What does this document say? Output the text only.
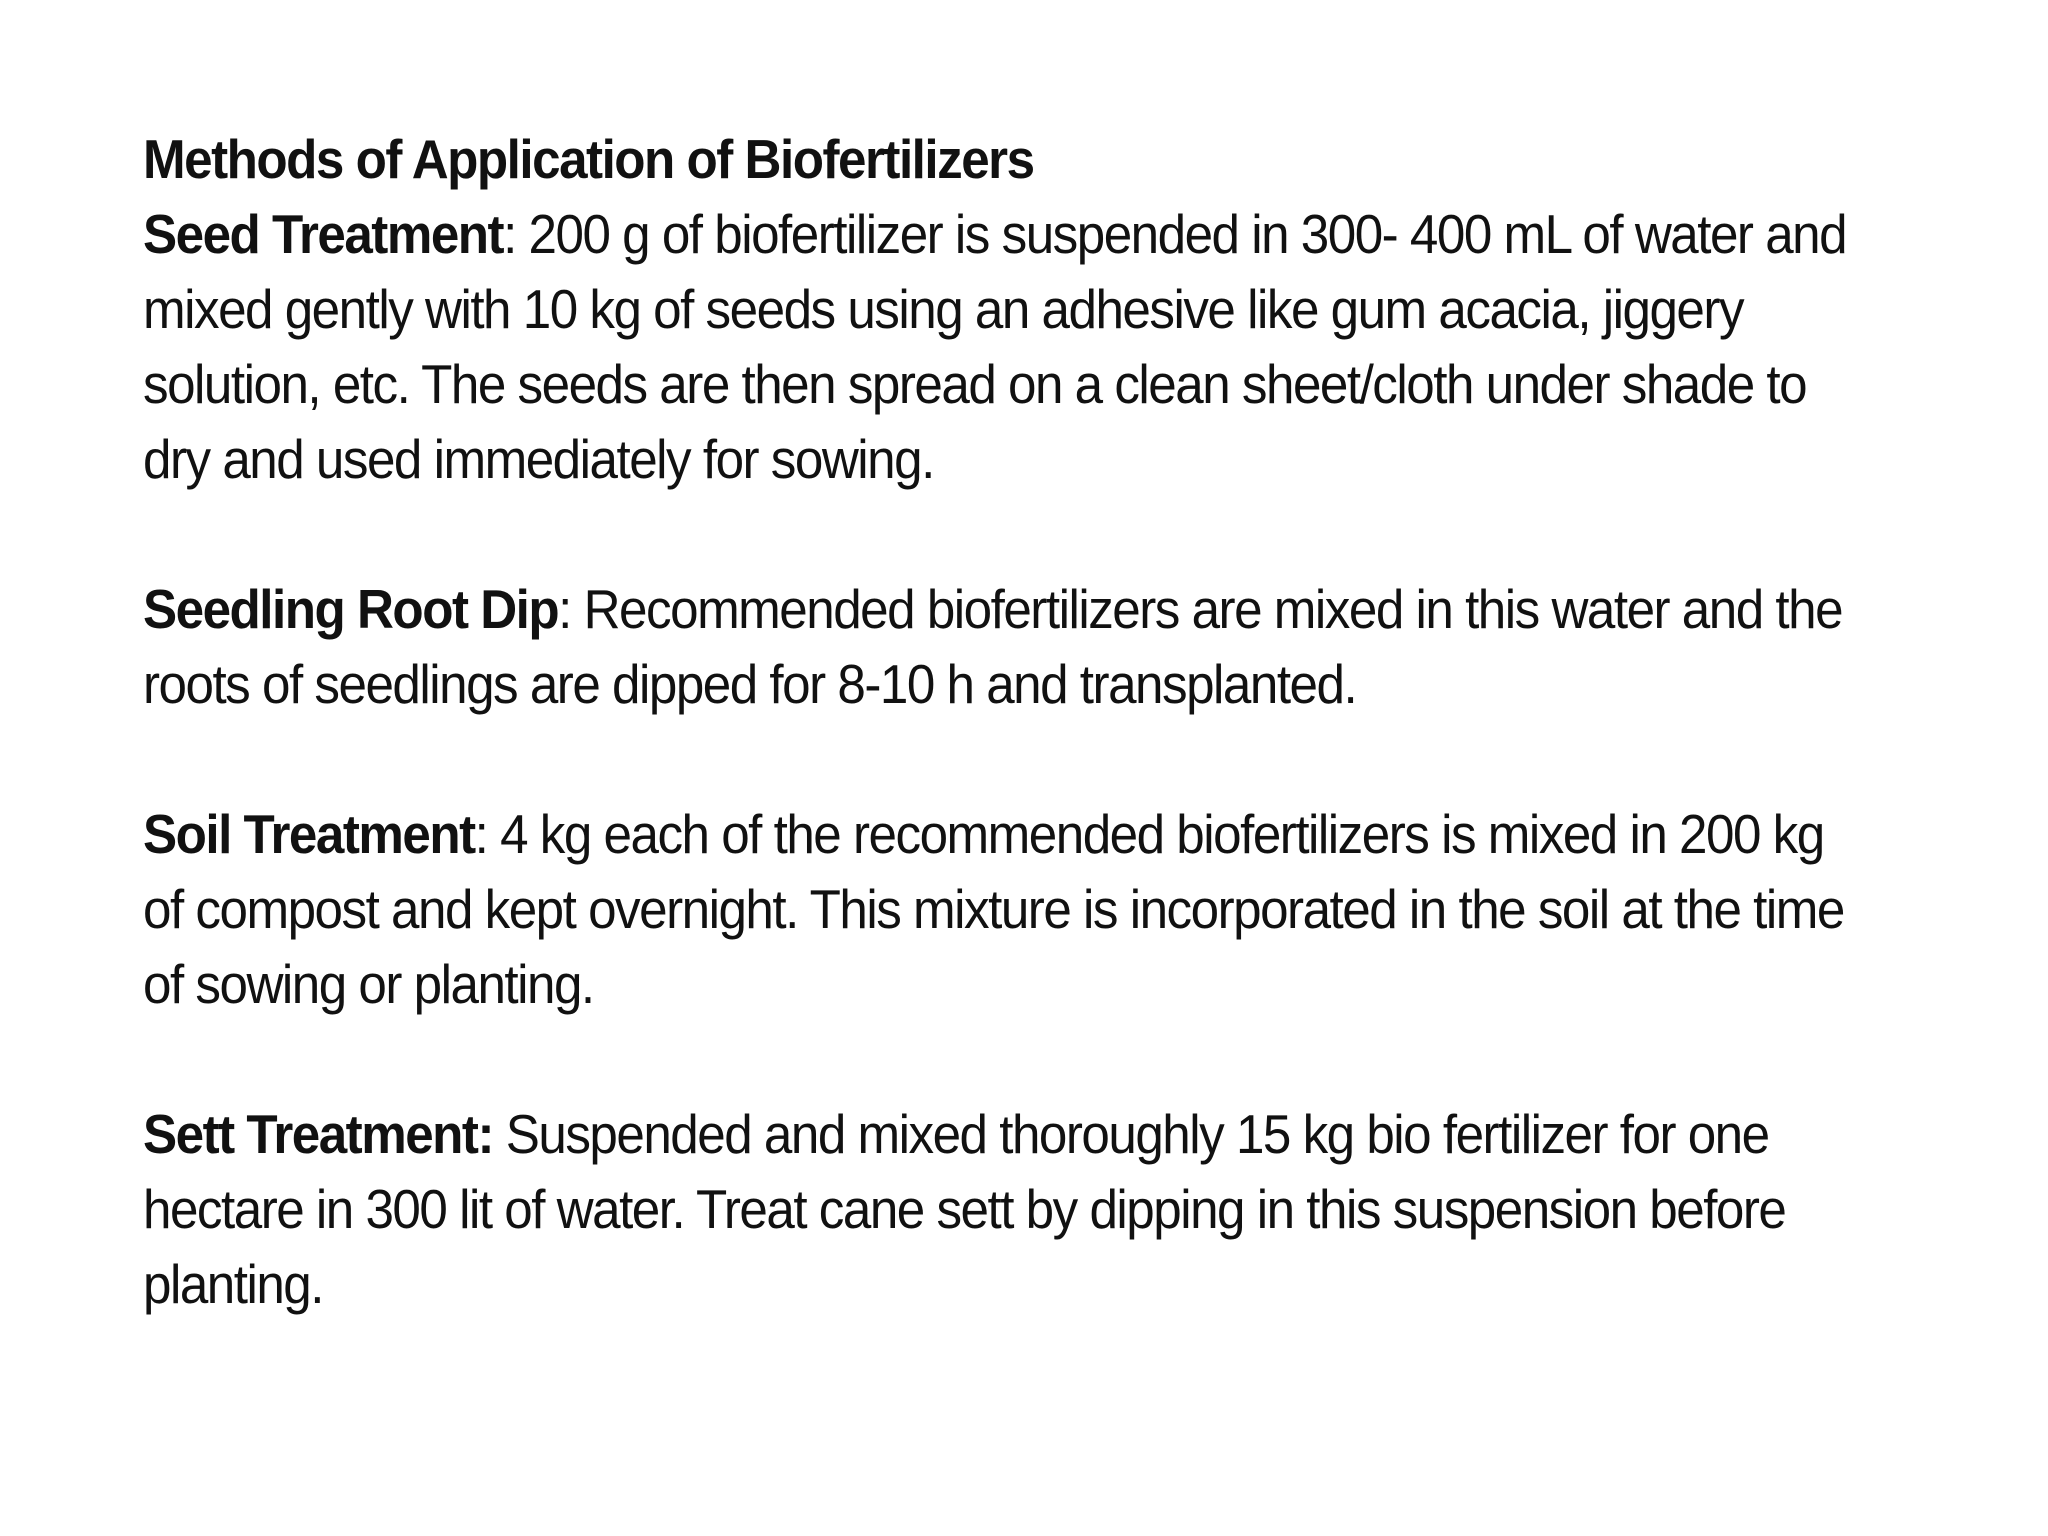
Methods of Application of Biofertilizers

Seed Treatment: 200 g of biofertilizer is suspended in 300- 400 mL of water and mixed gently with 10 kg of seeds using an adhesive like gum acacia, jiggery solution, etc. The seeds are then spread on a clean sheet/cloth under shade to dry and used immediately for sowing.

Seedling Root Dip: Recommended biofertilizers are mixed in this water and the roots of seedlings are dipped for 8-10 h and transplanted.

Soil Treatment: 4 kg each of the recommended biofertilizers is mixed in 200 kg of compost and kept overnight. This mixture is incorporated in the soil at the time of sowing or planting.

Sett Treatment: Suspended and mixed thoroughly 15 kg bio fertilizer for one hectare in 300 lit of water. Treat cane sett by dipping in this suspension before planting.
